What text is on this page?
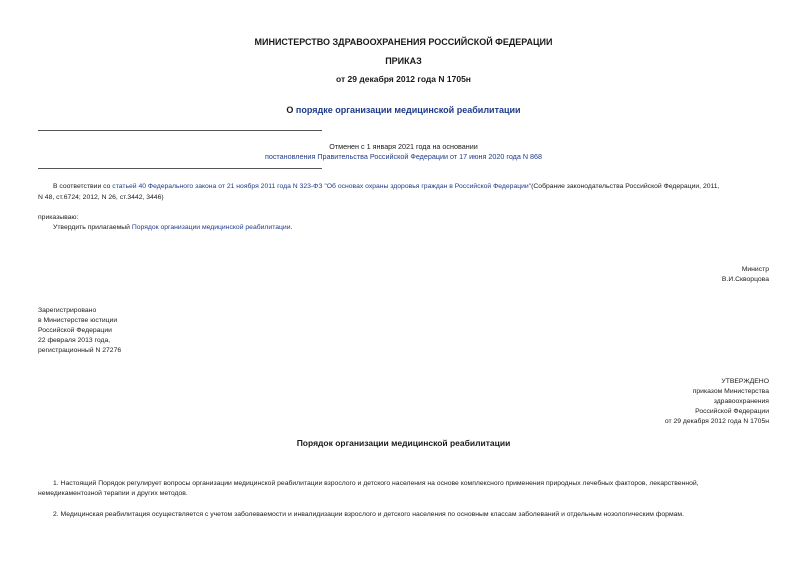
МИНИСТЕРСТВО ЗДРАВООХРАНЕНИЯ РОССИЙСКОЙ ФЕДЕРАЦИИ
ПРИКАЗ
от 29 декабря 2012 года N 1705н
О порядке организации медицинской реабилитации
Отменен с 1 января 2021 года на основании
постановления Правительства Российской Федерации от 17 июня 2020 года N 868
В соответствии со статьей 40 Федерального закона от 21 ноября 2011 года N 323-ФЗ "Об основах охраны здоровья граждан в Российской Федерации"(Собрание законодательства Российской Федерации, 2011,
N 48, ст.6724; 2012, N 26, ст.3442, 3446)
приказываю:
Утвердить прилагаемый Порядок организации медицинской реабилитации.
Министр
В.И.Скворцова
Зарегистрировано
в Министерстве юстиции
Российской Федерации
22 февраля 2013 года,
регистрационный N 27276
УТВЕРЖДЕНО
приказом Министерства
здравоохранения
Российской Федерации
от 29 декабря 2012 года N 1705н
Порядок организации медицинской реабилитации
1. Настоящий Порядок регулирует вопросы организации медицинской реабилитации взрослого и детского населения на основе комплексного применения природных лечебных факторов, лекарственной,
немедикаментозной терапии и других методов.
2. Медицинская реабилитация осуществляется с учетом заболеваемости и инвалидизации взрослого и детского населения по основным классам заболеваний и отдельным нозологическим формам.
